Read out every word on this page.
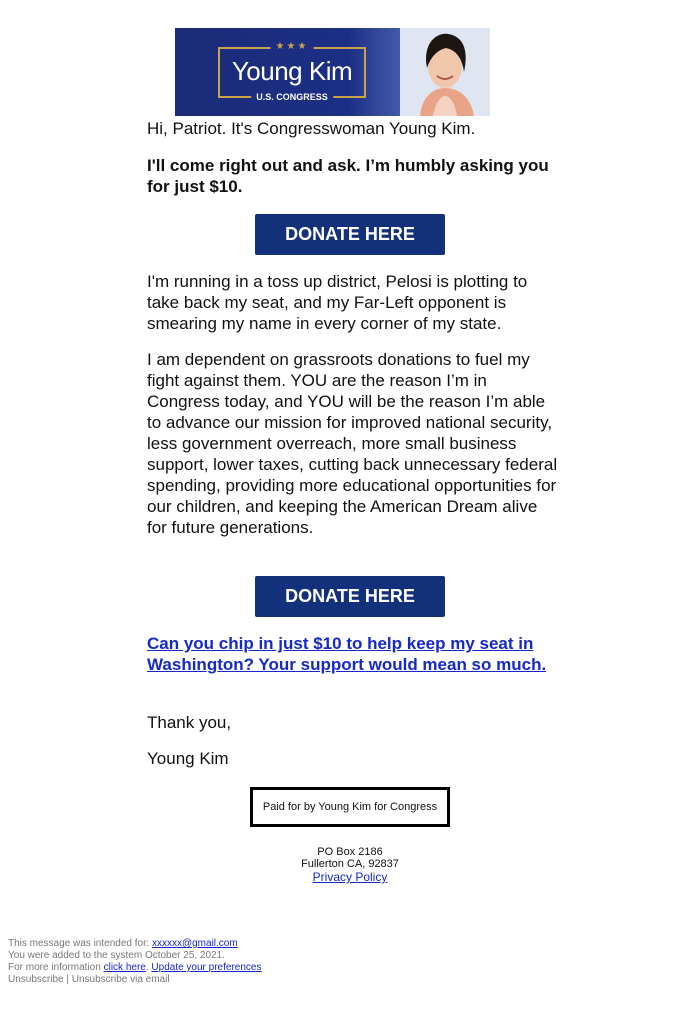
★★★
Young Kim
U.S. CONGRESS
Hi, Patriot. It's Congresswoman Young Kim.
I'll come right out and ask. I’m humbly asking you for just $10.
DONATE HERE
I'm running in a toss up district, Pelosi is plotting to take back my seat, and my Far-Left opponent is smearing my name in every corner of my state.
I am dependent on grassroots donations to fuel my fight against them. YOU are the reason I’m in Congress today, and YOU will be the reason I’m able to advance our mission for improved national security, less government overreach, more small business support, lower taxes, cutting back unnecessary federal spending, providing more educational opportunities for our children, and keeping the American Dream alive for future generations.
DONATE HERE
Can you chip in just $10 to help keep my seat in Washington? Your support would mean so much.
Thank you,
Young Kim
Paid for by Young Kim for Congress
PO Box 2186
Fullerton CA, 92837
Privacy Policy
This message was intended for: xxxxxx@gmail.com
You were added to the system October 25, 2021.
For more information click here. Update your preferences
Unsubscribe | Unsubscribe via email
